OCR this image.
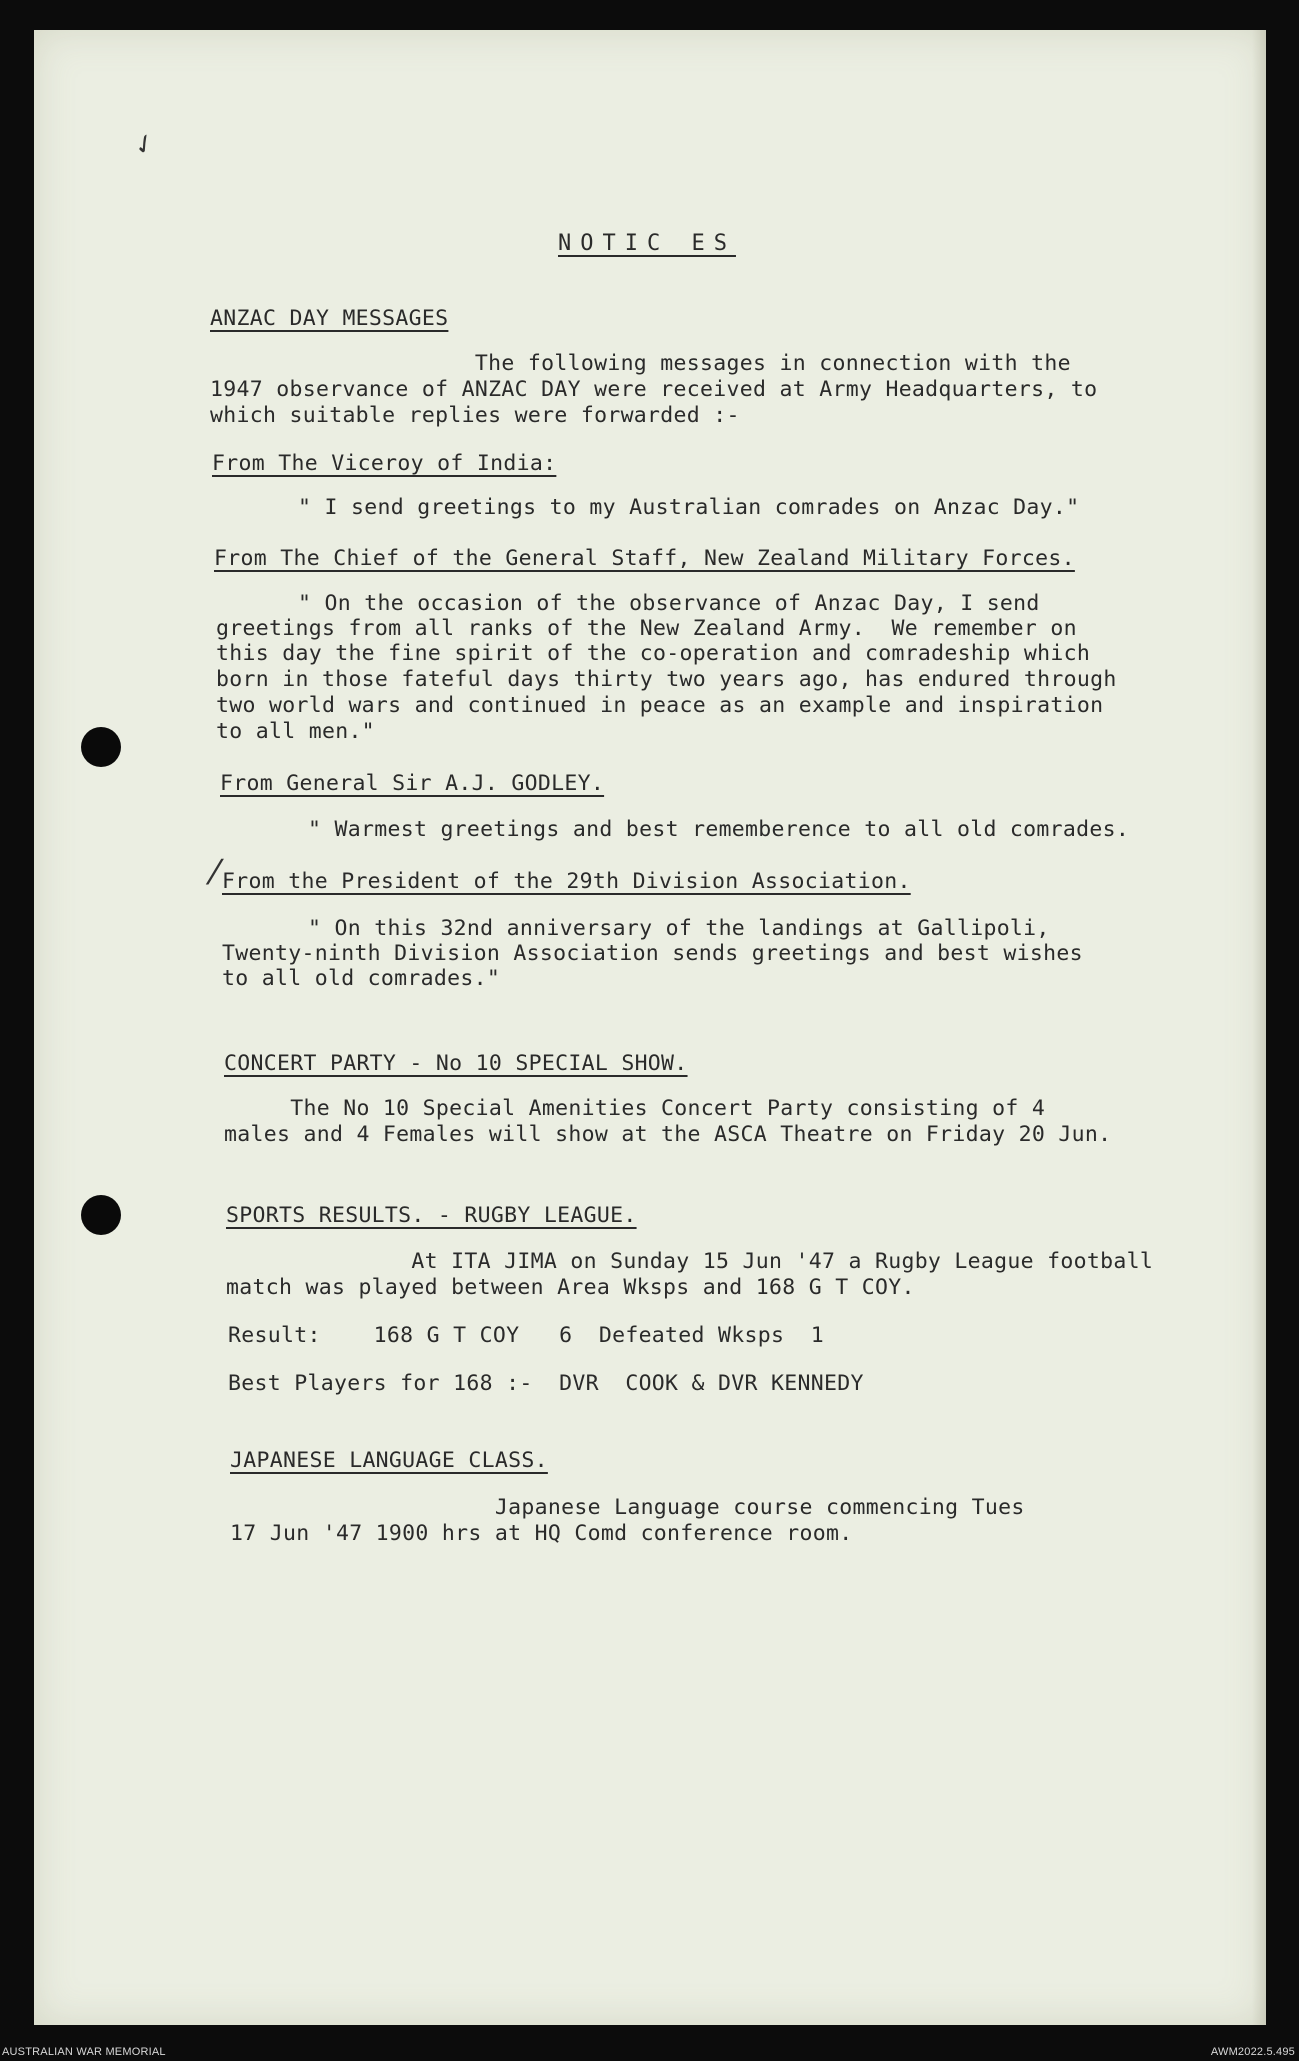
✓
⁄

NOTIC ES

ANZAC DAY MESSAGES

The following messages in connection with the

1947 observance of ANZAC DAY were received at Army Headquarters, to

which suitable replies were forwarded :-

From The Viceroy of India:

" I send greetings to my Australian comrades on Anzac Day."

From The Chief of the General Staff, New Zealand Military Forces.

" On the occasion of the observance of Anzac Day, I send

greetings from all ranks of the New Zealand Army.  We remember on

this day the fine spirit of the co-operation and comradeship which

born in those fateful days thirty two years ago, has endured through

two world wars and continued in peace as an example and inspiration

to all men."

From General Sir A.J. GODLEY.

" Warmest greetings and best rememberence to all old comrades.

From the President of the 29th Division Association.

" On this 32nd anniversary of the landings at Gallipoli,

Twenty-ninth Division Association sends greetings and best wishes

to all old comrades."

CONCERT PARTY - No 10 SPECIAL SHOW.

The No 10 Special Amenities Concert Party consisting of 4

males and 4 Females will show at the ASCA Theatre on Friday 20 Jun.

SPORTS RESULTS. - RUGBY LEAGUE.

At ITA JIMA on Sunday 15 Jun '47 a Rugby League football

match was played between Area Wksps and 168 G T COY.

Result:    168 G T COY   6  Defeated Wksps  1

Best Players for 168 :-  DVR  COOK & DVR KENNEDY

JAPANESE LANGUAGE CLASS.

Japanese Language course commencing Tues

17 Jun '47 1900 hrs at HQ Comd conference room.

AUSTRALIAN WAR MEMORIAL	AWM2022.5.495
